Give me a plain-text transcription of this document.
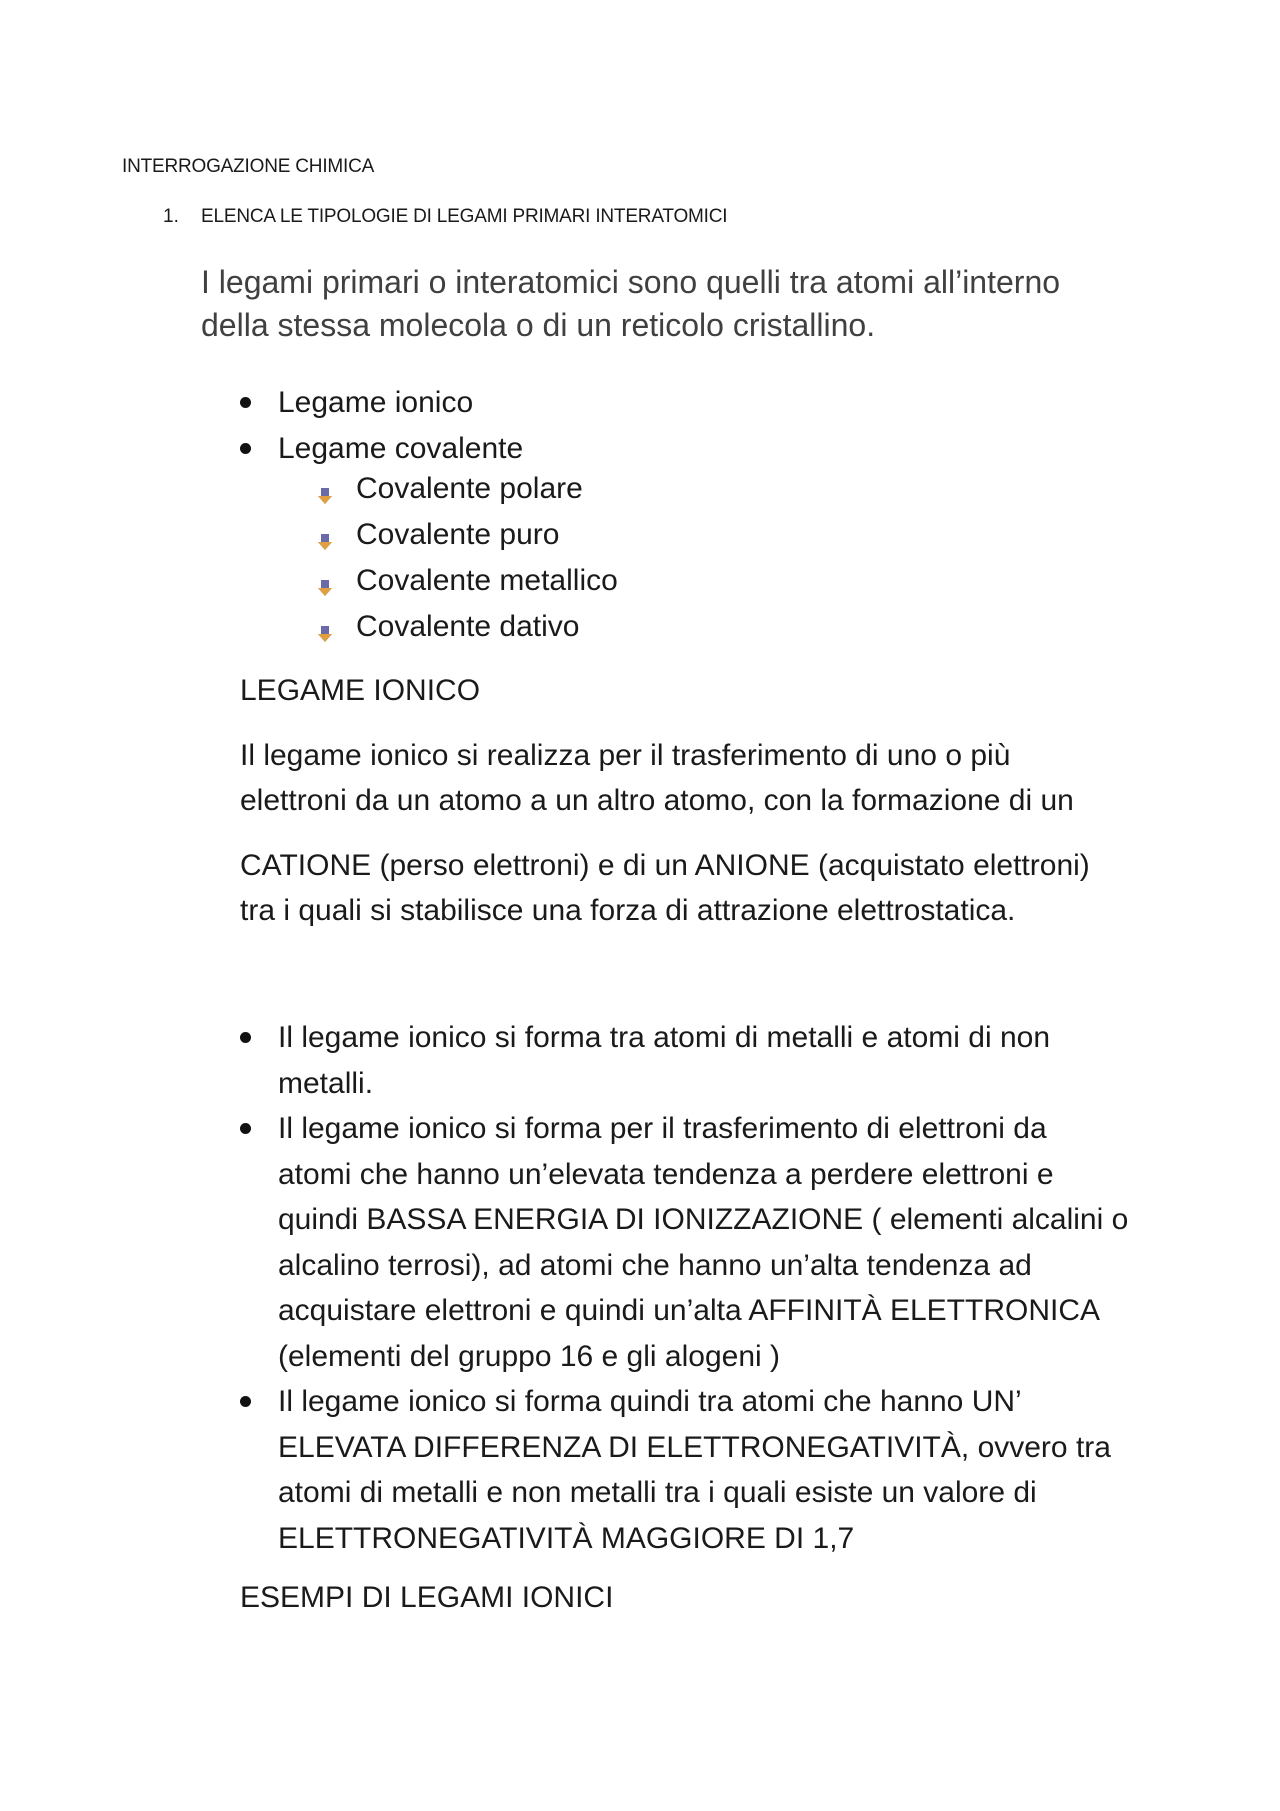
INTERROGAZIONE CHIMICA
1. ELENCA LE TIPOLOGIE DI LEGAMI PRIMARI INTERATOMICI
I legami primari o interatomici sono quelli tra atomi all’interno
della stessa molecola o di un reticolo cristallino.
Legame ionico
Legame covalente
Covalente polare
Covalente puro
Covalente metallico
Covalente dativo
LEGAME IONICO
Il legame ionico si realizza per il trasferimento di uno o più
elettroni da un atomo a un altro atomo, con la formazione di un
CATIONE (perso elettroni) e di un ANIONE (acquistato elettroni)
tra i quali si stabilisce una forza di attrazione elettrostatica.
Il legame ionico si forma tra atomi di metalli e atomi di non
metalli.
Il legame ionico si forma per il trasferimento di elettroni da
atomi che hanno un’elevata tendenza a perdere elettroni e
quindi BASSA ENERGIA DI IONIZZAZIONE ( elementi alcalini o
alcalino terrosi), ad atomi che hanno un’alta tendenza ad
acquistare elettroni e quindi un’alta AFFINITÀ ELETTRONICA
(elementi del gruppo 16 e gli alogeni )
Il legame ionico si forma quindi tra atomi che hanno UN’
ELEVATA DIFFERENZA DI ELETTRONEGATIVITÀ, ovvero tra
atomi di metalli e non metalli tra i quali esiste un valore di
ELETTRONEGATIVITÀ MAGGIORE DI 1,7
ESEMPI DI LEGAMI IONICI
